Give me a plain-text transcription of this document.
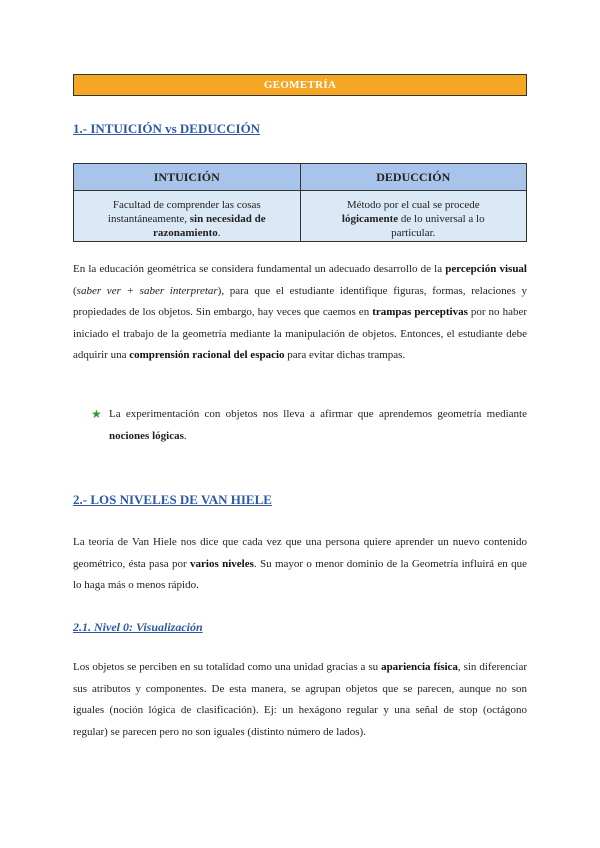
GEOMETRÍA
1.- INTUICIÓN vs DEDUCCIÓN
INTUICIÓN	DEDUCCIÓN
Facultad de comprender las cosas instantáneamente, sin necesidad de razonamiento.	Método por el cual se procede lógicamente de lo universal a lo particular.

En la educación geométrica se considera fundamental un adecuado desarrollo de la percepción visual (saber ver + saber interpretar), para que el estudiante identifique figuras, formas, relaciones y propiedades de los objetos. Sin embargo, hay veces que caemos en trampas perceptivas por no haber iniciado el trabajo de la geometría mediante la manipulación de objetos. Entonces, el estudiante debe adquirir una comprensión racional del espacio para evitar dichas trampas.

★ La experimentación con objetos nos lleva a afirmar que aprendemos geometría mediante nociones lógicas.
2.- LOS NIVELES DE VAN HIELE

La teoría de Van Hiele nos dice que cada vez que una persona quiere aprender un nuevo contenido geométrico, ésta pasa por varios niveles. Su mayor o menor dominio de la Geometría influirá en que lo haga más o menos rápido.

2.1. Nivel 0: Visualización

Los objetos se perciben en su totalidad como una unidad gracias a su apariencia física, sin diferenciar sus atributos y componentes. De esta manera, se agrupan objetos que se parecen, aunque no son iguales (noción lógica de clasificación). Ej: un hexágono regular y una señal de stop (octágono regular) se parecen pero no son iguales (distinto número de lados).
